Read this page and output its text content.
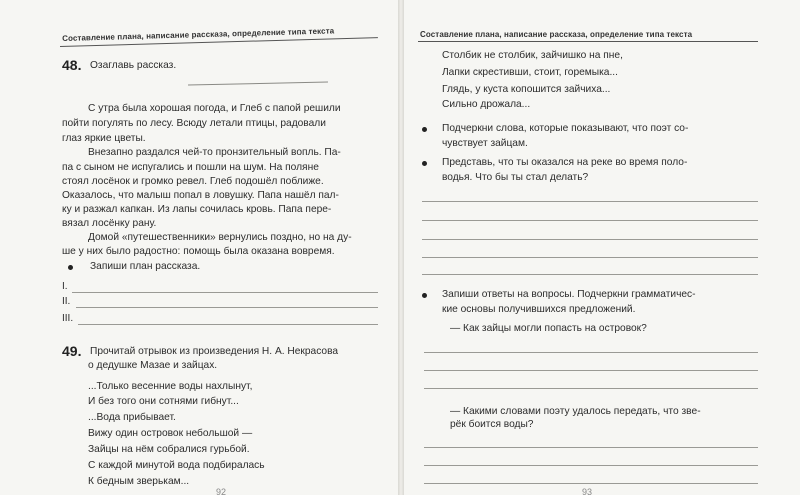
Составление плана, написание рассказа, определение типа текста
48. Озаглавь рассказ.
С утра была хорошая погода, и Глеб с папой решили
пойти погулять по лесу. Всюду летали птицы, радовали
глаз яркие цветы.
Внезапно раздался чей-то пронзительный вопль. Па-
па с сыном не испугались и пошли на шум. На поляне
стоял лосёнок и громко ревел. Глеб подошёл поближе.
Оказалось, что малыш попал в ловушку. Папа нашёл пал-
ку и разжал капкан. Из лапы сочилась кровь. Папа пере-
вязал лосёнку рану.
Домой «путешественники» вернулись поздно, но на ду-
ше у них было радостно: помощь была оказана вовремя.
Запиши план рассказа.
I.
II.
III.
49. Прочитай отрывок из произведения Н. А. Некрасова
о дедушке Мазае и зайцах.
...Только весенние воды нахлынут,
И без того они сотнями гибнут...
...Вода прибывает.
Вижу один островок небольшой —
Зайцы на нём собралися гурьбой.
С каждой минутой вода подбиралась
К бедным зверькам...
92
Составление плана, написание рассказа, определение типа текста
Столбик не столбик, зайчишко на пне,
Лапки скрестивши, стоит, горемыка...
Глядь, у куста копошится зайчиха...
Сильно дрожала...
Подчеркни слова, которые показывают, что поэт со-
чувствует зайцам.
Представь, что ты оказался на реке во время поло-
водья. Что бы ты стал делать?
Запиши ответы на вопросы. Подчеркни грамматичес-
кие основы получившихся предложений.
— Как зайцы могли попасть на островок?
— Какими словами поэту удалось передать, что звe-
рёк боится воды?
93
